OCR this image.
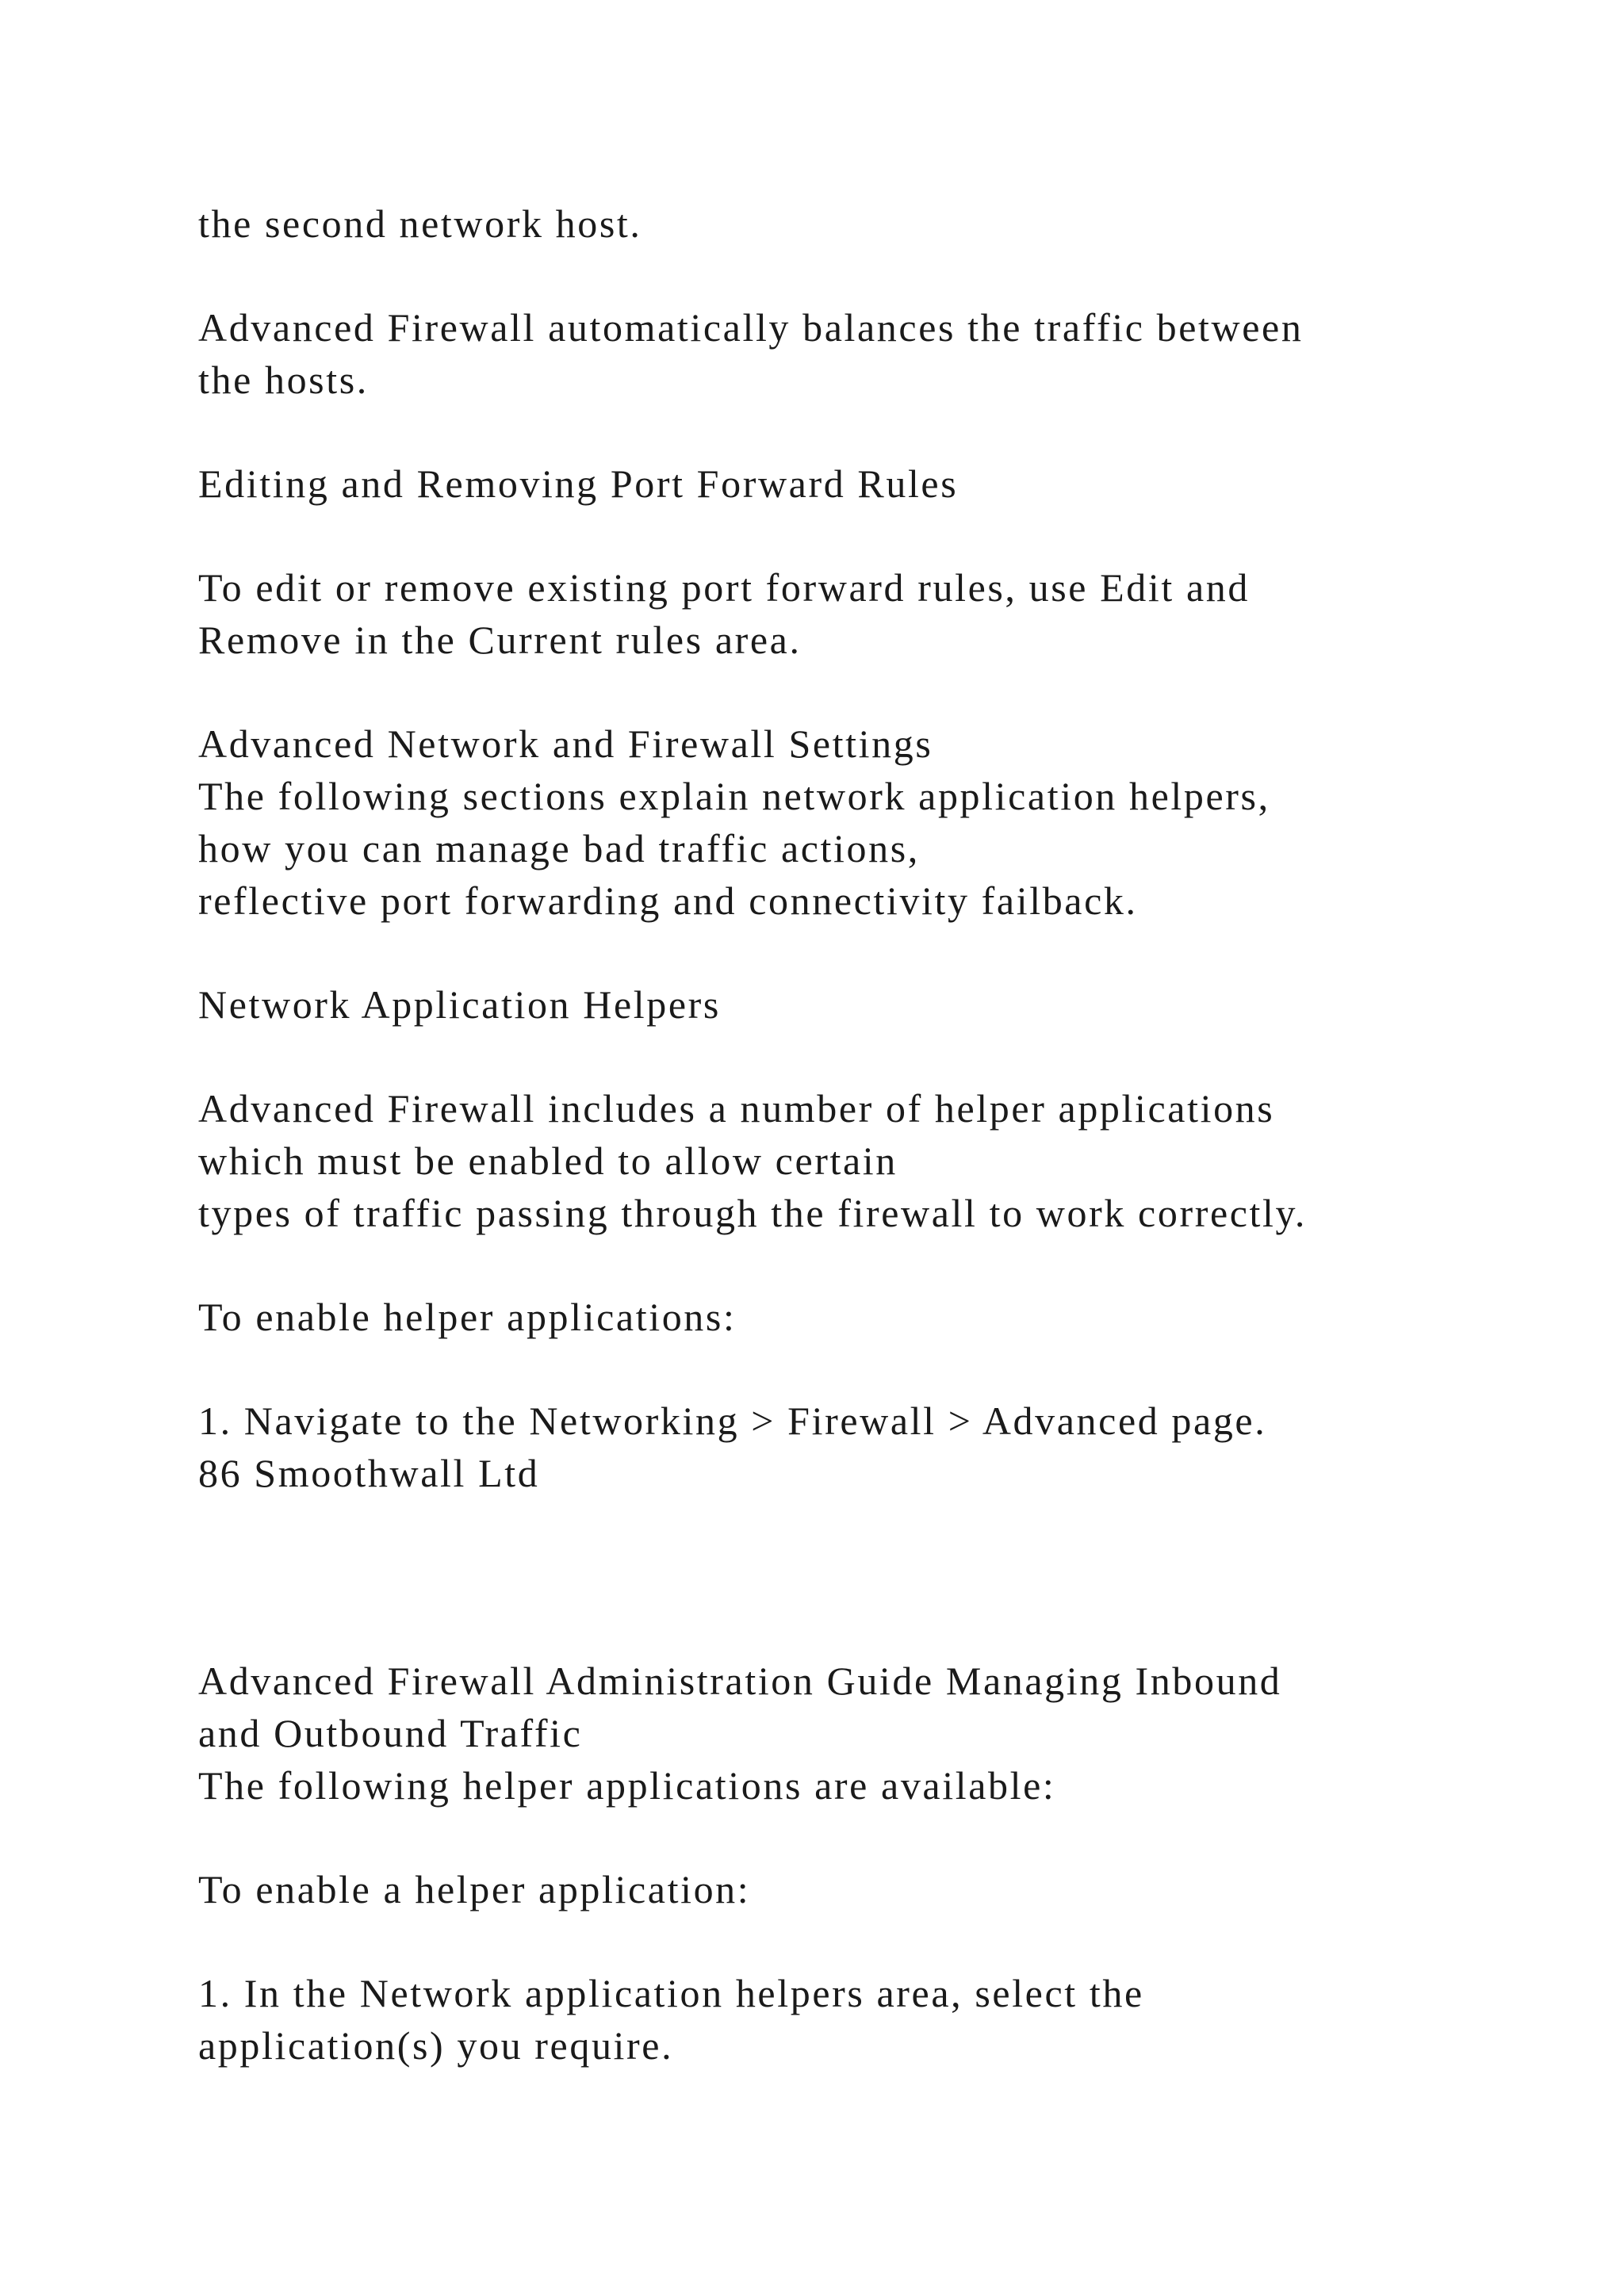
the second network host.

Advanced Firewall automatically balances the traffic between

the hosts.

Editing and Removing Port Forward Rules

To edit or remove existing port forward rules, use Edit and

Remove in the Current rules area.

Advanced Network and Firewall Settings

The following sections explain network application helpers,

how you can manage bad traffic actions,

reflective port forwarding and connectivity failback.

Network Application Helpers

Advanced Firewall includes a number of helper applications

which must be enabled to allow certain

types of traffic passing through the firewall to work correctly.

To enable helper applications:

1. Navigate to the Networking > Firewall > Advanced page.

86 Smoothwall Ltd

Advanced Firewall Administration Guide Managing Inbound

and Outbound Traffic

The following helper applications are available:

To enable a helper application:

1. In the Network application helpers area, select the

application(s) you require.
